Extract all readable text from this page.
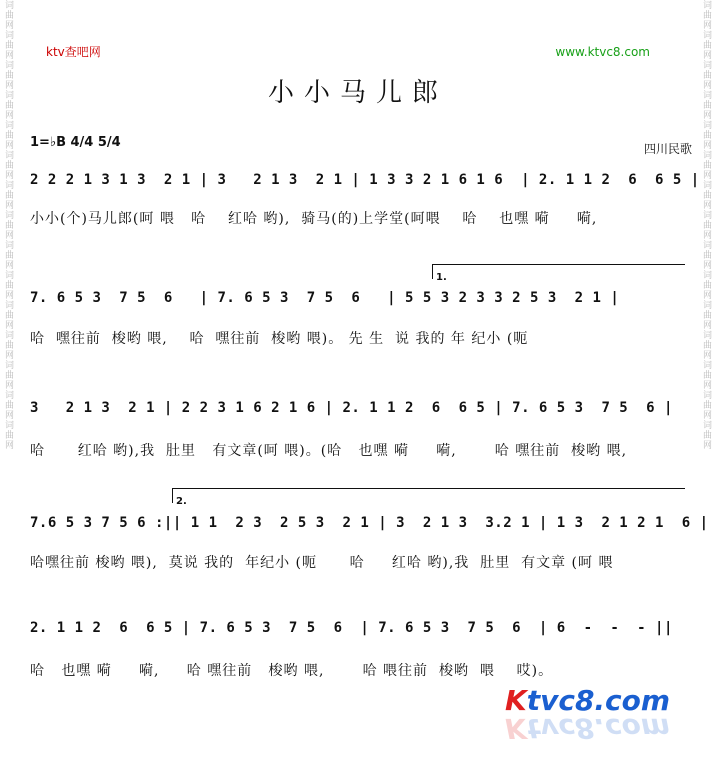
词曲网词曲网词曲网词曲网词曲网词曲网词曲网词曲网词曲网词曲网词曲网词曲网词曲网词曲网词曲网	词曲网词曲网词曲网词曲网词曲网词曲网词曲网词曲网词曲网词曲网词曲网词曲网词曲网词曲网词曲网
ktv查吧网	www.ktvc8.com
小小马儿郎
1=♭B 4/4 5/4	四川民歌
2 2 2 1 3 1 3  2 1 | 3   2 1 3  2 1 | 1 3 3 2 1 6 1 6  | 2. 1 1 2  6  6 5 |
小小(个)马儿郎(呵 喂   哈    红哈 哟),  骑马(的)上学堂(呵喂    哈    也嘿 嗬     嗬,
1.
7. 6 5 3  7 5  6   | 7. 6 5 3  7 5  6   | 5 5 3 2 3 3 2 5 3  2 1 |
哈  嘿往前  梭哟 喂,    哈  嘿往前  梭哟 喂)。 先 生  说 我的 年 纪小 (呃
3   2 1 3  2 1 | 2 2 3 1 6 2 1 6 | 2. 1 1 2  6  6 5 | 7. 6 5 3  7 5  6 |
哈      红哈 哟),我  肚里   有文章(呵 喂)。(哈   也嘿 嗬     嗬,       哈 嘿往前  梭哟 喂,
2.
7.6 5 3 7 5 6 :|| 1 1  2 3  2 5 3  2 1 | 3  2 1 3  3.2 1 | 1 3  2 1 2 1  6 |
哈嘿往前 梭哟 喂),  莫说 我的  年纪小 (呃      哈     红哈 哟),我  肚里  有文章 (呵 喂
2. 1 1 2  6  6 5 | 7. 6 5 3  7 5  6  | 7. 6 5 3  7 5  6  | 6  -  -  - ||
哈   也嘿 嗬     嗬,     哈 嘿往前   梭哟 喂,       哈 喂往前  梭哟  喂    哎)。
Ktvc8.com
Ktvc8.com
